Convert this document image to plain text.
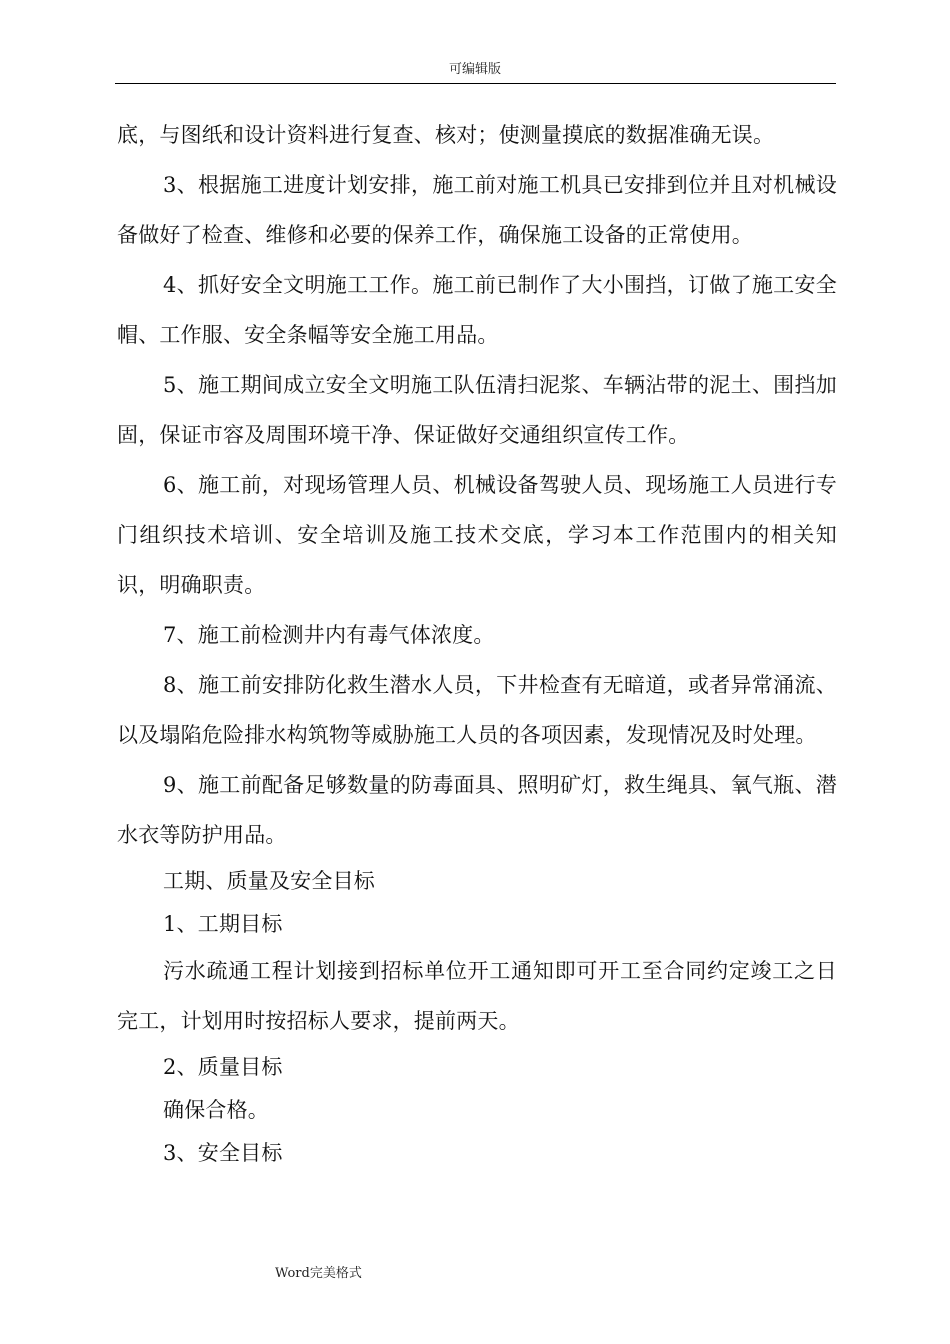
可编辑版

底，与图纸和设计资料进行复查、核对；使测量摸底的数据准确无误。

3、根据施工进度计划安排，施工前对施工机具已安排到位并且对机械设备做好了检查、维修和必要的保养工作，确保施工设备的正常使用。

4、抓好安全文明施工工作。施工前已制作了大小围挡，订做了施工安全帽、工作服、安全条幅等安全施工用品。

5、施工期间成立安全文明施工队伍清扫泥浆、车辆沾带的泥土、围挡加固，保证市容及周围环境干净、保证做好交通组织宣传工作。

6、施工前，对现场管理人员、机械设备驾驶人员、现场施工人员进行专门组织技术培训、安全培训及施工技术交底，学习本工作范围内的相关知识，明确职责。

7、施工前检测井内有毒气体浓度。

8、施工前安排防化救生潜水人员，下井检查有无暗道，或者异常涌流、以及塌陷危险排水构筑物等威胁施工人员的各项因素，发现情况及时处理。

9、施工前配备足够数量的防毒面具、照明矿灯，救生绳具、氧气瓶、潜水衣等防护用品。

工期、质量及安全目标

1、工期目标

污水疏通工程计划接到招标单位开工通知即可开工至合同约定竣工之日完工，计划用时按招标人要求，提前两天。

2、质量目标

确保合格。

3、安全目标

Word完美格式
